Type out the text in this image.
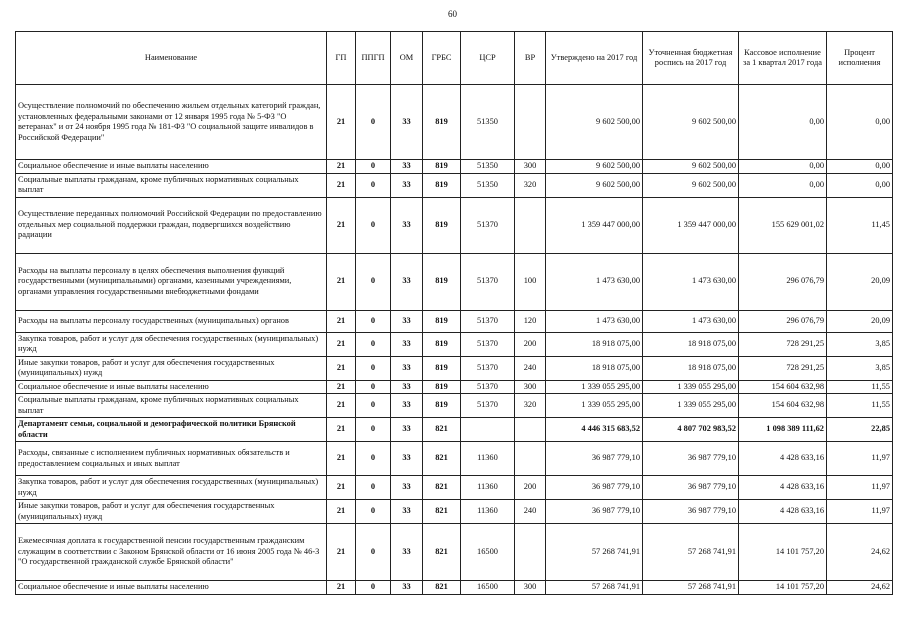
60
Наименование	ГП	ППГП	ОМ	ГРБС	ЦСР	ВР	Утверждено на 2017 год	Уточненная бюджетная роспись на 2017 год	Кассовое исполнение за 1 квартал 2017 года	Процент исполнения
Осуществление полномочий по обеспечению жильем отдельных категорий граждан, установленных федеральными законами от 12 января 1995 года № 5-ФЗ "О ветеранах" и от 24 ноября 1995 года № 181-ФЗ "О социальной защите инвалидов в Российской Федерации"	21	0	33	819	51350		9 602 500,00	9 602 500,00	0,00	0,00
Социальное обеспечение и иные выплаты населению	21	0	33	819	51350	300	9 602 500,00	9 602 500,00	0,00	0,00
Социальные выплаты гражданам, кроме публичных нормативных социальных выплат	21	0	33	819	51350	320	9 602 500,00	9 602 500,00	0,00	0,00
Осуществление переданных полномочий Российской Федерации по предоставлению отдельных мер социальной поддержки граждан, подвергшихся воздействию радиации	21	0	33	819	51370		1 359 447 000,00	1 359 447 000,00	155 629 001,02	11,45
Расходы на выплаты персоналу в целях обеспечения выполнения функций государственными (муниципальными) органами, казенными учреждениями, органами управления государственными внебюджетными фондами	21	0	33	819	51370	100	1 473 630,00	1 473 630,00	296 076,79	20,09
Расходы на выплаты персоналу государственных (муниципальных) органов	21	0	33	819	51370	120	1 473 630,00	1 473 630,00	296 076,79	20,09
Закупка товаров, работ и услуг для обеспечения государственных (муниципальных) нужд	21	0	33	819	51370	200	18 918 075,00	18 918 075,00	728 291,25	3,85
Иные закупки товаров, работ и услуг для обеспечения государственных (муниципальных) нужд	21	0	33	819	51370	240	18 918 075,00	18 918 075,00	728 291,25	3,85
Социальное обеспечение и иные выплаты населению	21	0	33	819	51370	300	1 339 055 295,00	1 339 055 295,00	154 604 632,98	11,55
Социальные выплаты гражданам, кроме публичных нормативных социальных выплат	21	0	33	819	51370	320	1 339 055 295,00	1 339 055 295,00	154 604 632,98	11,55
Департамент семьи, социальной и демографической политики Брянской области	21	0	33	821			4 446 315 683,52	4 807 702 983,52	1 098 389 111,62	22,85
Расходы, связанные с исполнением публичных нормативных обязательств и предоставлением социальных и иных выплат	21	0	33	821	11360		36 987 779,10	36 987 779,10	4 428 633,16	11,97
Закупка товаров, работ и услуг для обеспечения государственных (муниципальных) нужд	21	0	33	821	11360	200	36 987 779,10	36 987 779,10	4 428 633,16	11,97
Иные закупки товаров, работ и услуг для обеспечения государственных (муниципальных) нужд	21	0	33	821	11360	240	36 987 779,10	36 987 779,10	4 428 633,16	11,97
Ежемесячная доплата к государственной пенсии государственным гражданским служащим в соответствии с Законом Брянской области от 16 июня 2005 года № 46-З "О государственной гражданской службе Брянской области"	21	0	33	821	16500		57 268 741,91	57 268 741,91	14 101 757,20	24,62
Социальное обеспечение и иные выплаты населению	21	0	33	821	16500	300	57 268 741,91	57 268 741,91	14 101 757,20	24,62
